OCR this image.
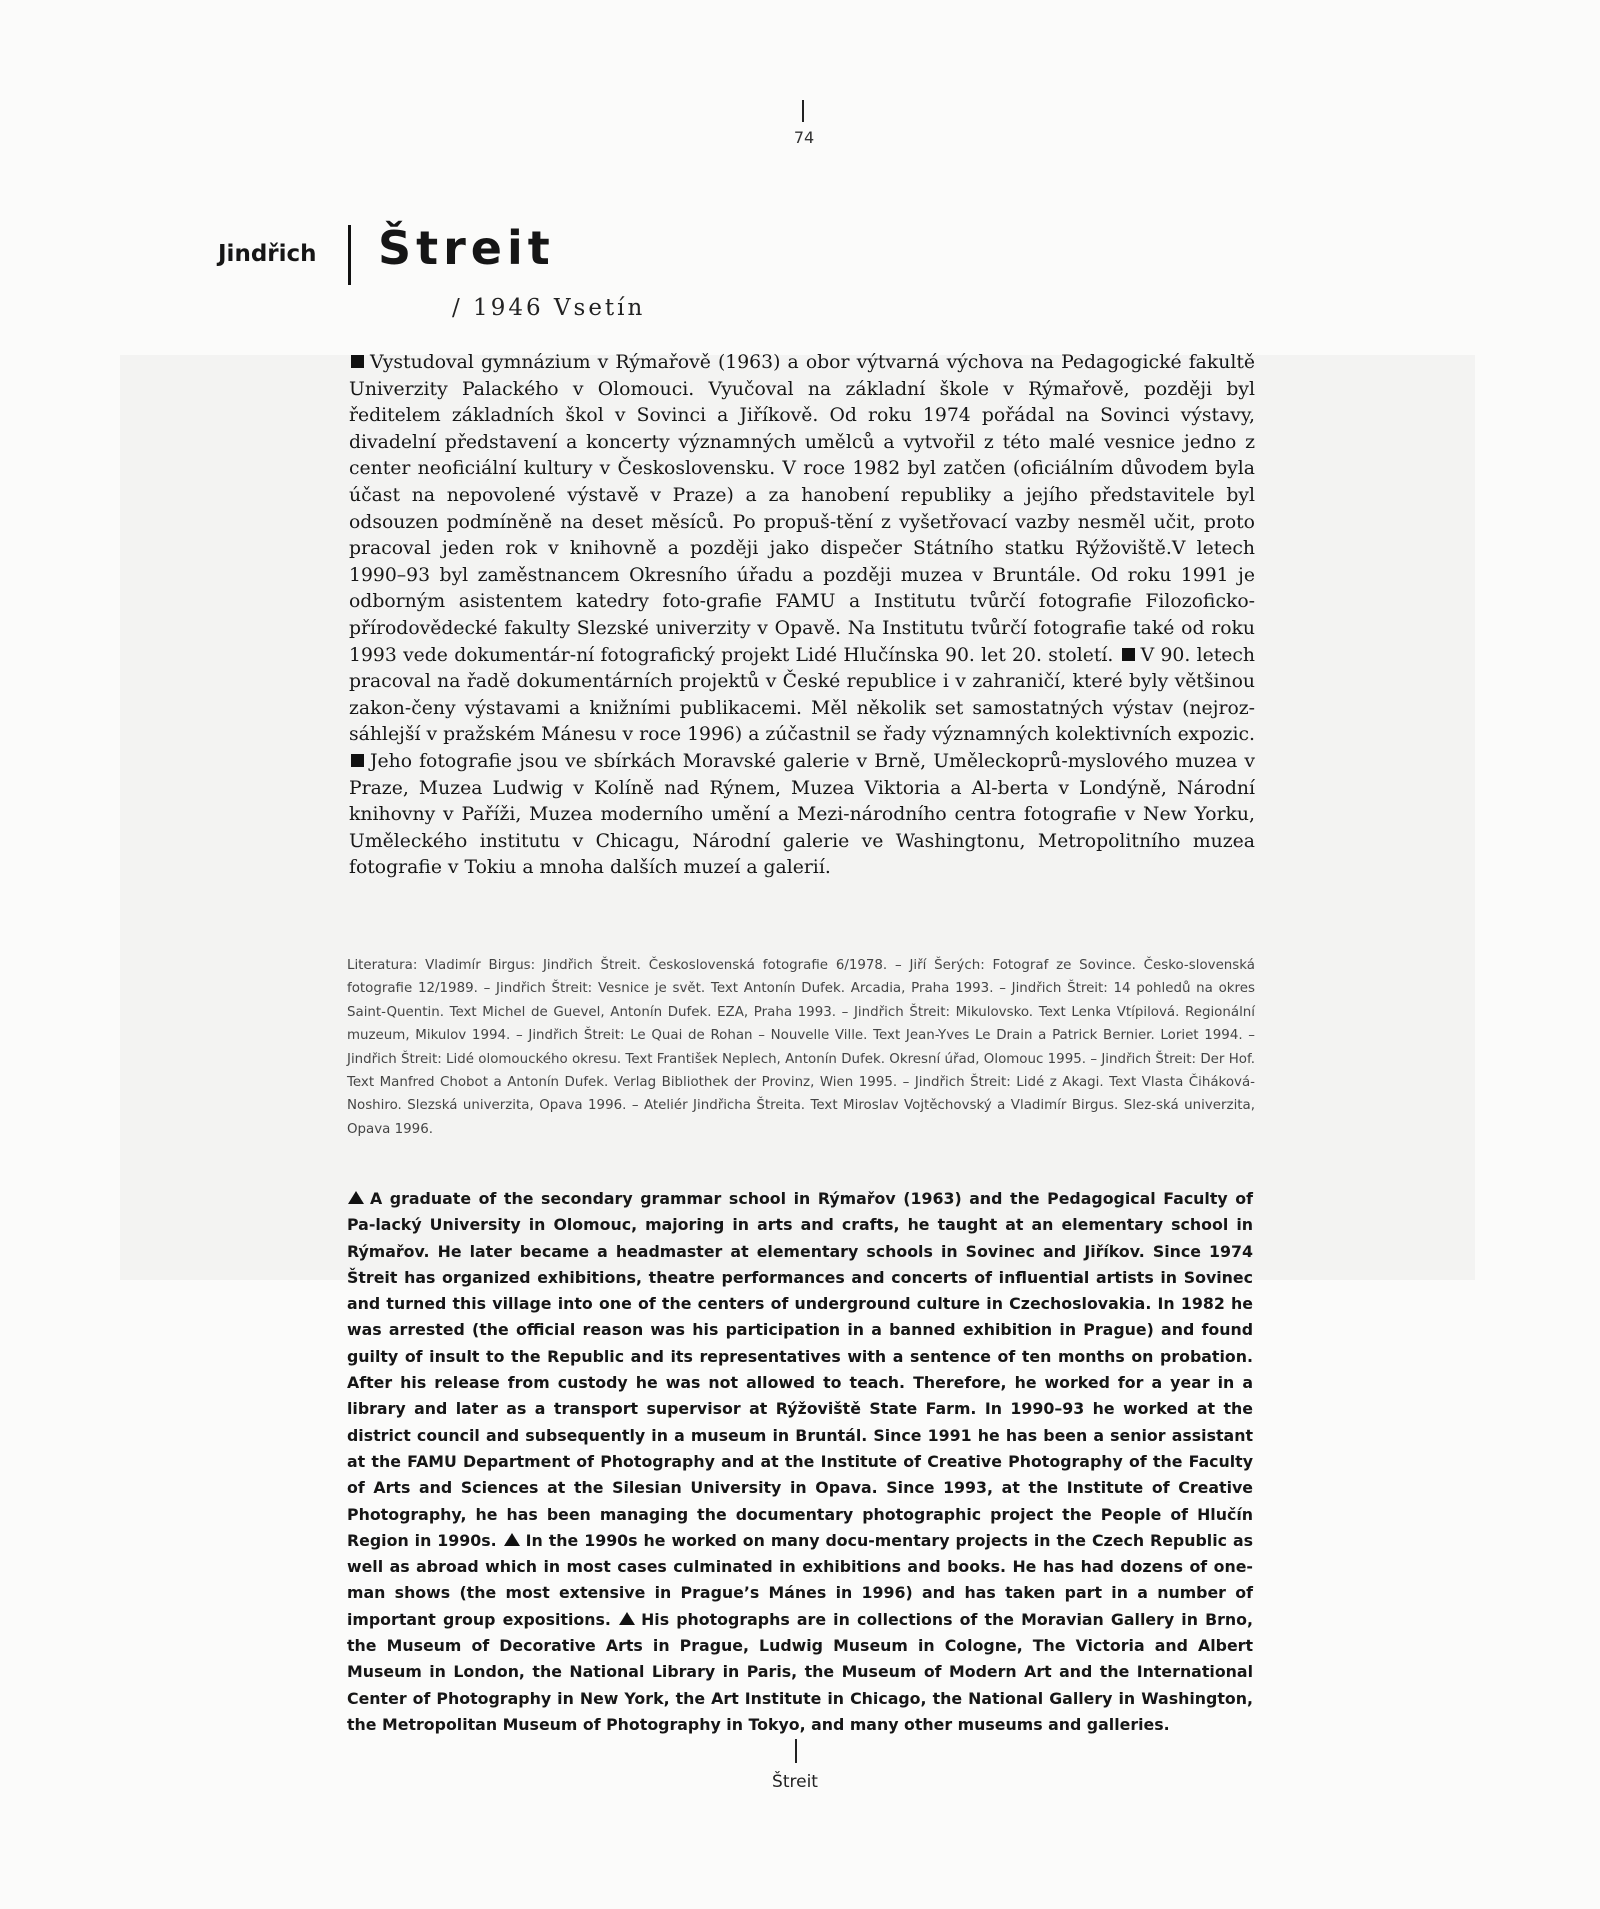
74
Jindřich Štreit
/ 1946 Vsetín

Vystudoval gymnázium v Rýmařově (1963) a obor výtvarná výchova na Pedagogické fakultě Univerzity Palackého v Olomouci. Vyučoval na základní škole v Rýmařově, později byl ředitelem základních škol v Sovinci a Jiříkově. Od roku 1974 pořádal na Sovinci výstavy, divadelní představení a koncerty významných umělců a vytvořil z této malé vesnice jedno z center neoficiální kultury v Československu. V roce 1982 byl zatčen (oficiálním důvodem byla účast na nepovolené výstavě v Praze) a za hanobení republiky a jejího představitele byl odsouzen podmíněně na deset měsíců. Po propuš-tění z vyšetřovací vazby nesměl učit, proto pracoval jeden rok v knihovně a později jako dispečer Státního statku Rýžoviště.V letech 1990–93 byl zaměstnancem Okresního úřadu a později muzea v Bruntále. Od roku 1991 je odborným asistentem katedry foto-grafie FAMU a Institutu tvůrčí fotografie Filozoficko-přírodovědecké fakulty Slezské univerzity v Opavě. Na Institutu tvůrčí fotografie také od roku 1993 vede dokumentár-ní fotografický projekt Lidé Hlučínska 90. let 20. století. V 90. letech pracoval na řadě dokumentárních projektů v České republice i v zahraničí, které byly většinou zakon-čeny výstavami a knižními publikacemi. Měl několik set samostatných výstav (nejroz-sáhlejší v pražském Mánesu v roce 1996) a zúčastnil se řady významných kolektivních expozic. Jeho fotografie jsou ve sbírkách Moravské galerie v Brně, Uměleckoprů-myslového muzea v Praze, Muzea Ludwig v Kolíně nad Rýnem, Muzea Viktoria a Al-berta v Londýně, Národní knihovny v Paříži, Muzea moderního umění a Mezi-národního centra fotografie v New Yorku, Uměleckého institutu v Chicagu, Národní galerie ve Washingtonu, Metropolitního muzea fotografie v Tokiu a mnoha dalších muzeí a galerií.

Literatura: Vladimír Birgus: Jindřich Štreit. Československá fotografie 6/1978. – Jiří Šerých: Fotograf ze Sovince. Česko-slovenská fotografie 12/1989. – Jindřich Štreit: Vesnice je svět. Text Antonín Dufek. Arcadia, Praha 1993. – Jindřich Štreit: 14 pohledů na okres Saint-Quentin. Text Michel de Guevel, Antonín Dufek. EZA, Praha 1993. – Jindřich Štreit: Mikulovsko. Text Lenka Vtípilová. Regionální muzeum, Mikulov 1994. – Jindřich Štreit: Le Quai de Rohan – Nouvelle Ville. Text Jean-Yves Le Drain a Patrick Bernier. Loriet 1994. – Jindřich Štreit: Lidé olomouckého okresu. Text František Neplech, Antonín Dufek. Okresní úřad, Olomouc 1995. – Jindřich Štreit: Der Hof. Text Manfred Chobot a Antonín Dufek. Verlag Bibliothek der Provinz, Wien 1995. – Jindřich Štreit: Lidé z Akagi. Text Vlasta Čiháková-Noshiro. Slezská univerzita, Opava 1996. – Ateliér Jindřicha Štreita. Text Miroslav Vojtěchovský a Vladimír Birgus. Slez-ská univerzita, Opava 1996.

A graduate of the secondary grammar school in Rýmařov (1963) and the Pedagogical Faculty of Pa-lacký University in Olomouc, majoring in arts and crafts, he taught at an elementary school in Rýmařov. He later became a headmaster at elementary schools in Sovinec and Jiříkov. Since 1974 Štreit has organized exhibitions, theatre performances and concerts of influential artists in Sovinec and turned this village into one of the centers of underground culture in Czechoslovakia. In 1982 he was arrested (the official reason was his participation in a banned exhibition in Prague) and found guilty of insult to the Republic and its representatives with a sentence of ten months on probation. After his release from custody he was not allowed to teach. Therefore, he worked for a year in a library and later as a transport supervisor at Rýžoviště State Farm. In 1990–93 he worked at the district council and subsequently in a museum in Bruntál. Since 1991 he has been a senior assistant at the FAMU Department of Photography and at the Institute of Creative Photography of the Faculty of Arts and Sciences at the Silesian University in Opava. Since 1993, at the Institute of Creative Photography, he has been managing the documentary photographic project the People of Hlučín Region in 1990s. In the 1990s he worked on many docu-mentary projects in the Czech Republic as well as abroad which in most cases culminated in exhibitions and books. He has had dozens of one-man shows (the most extensive in Prague’s Mánes in 1996) and has taken part in a number of important group expositions. His photographs are in collections of the Moravian Gallery in Brno, the Museum of Decorative Arts in Prague, Ludwig Museum in Cologne, The Victoria and Albert Museum in London, the National Library in Paris, the Museum of Modern Art and the International Center of Photography in New York, the Art Institute in Chicago, the National Gallery in Washington, the Metropolitan Museum of Photography in Tokyo, and many other museums and galleries.

Štreit
